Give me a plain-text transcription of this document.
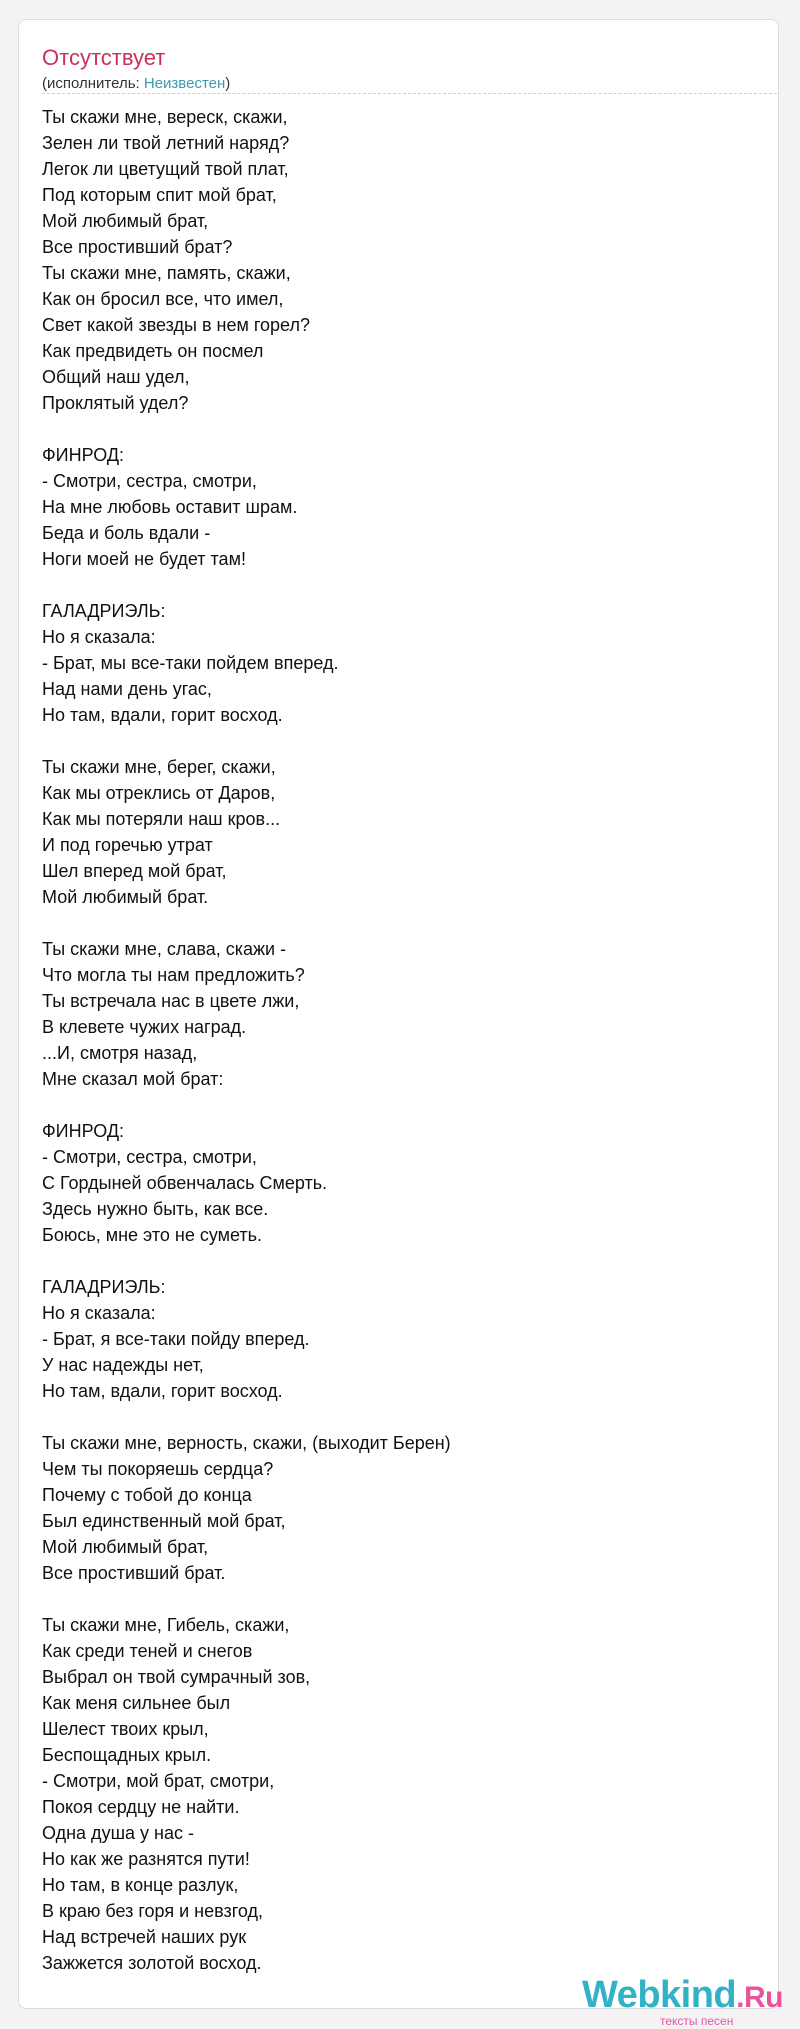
Отсутствует
(исполнитель: Неизвестен)
Ты скажи мне, вереск, скажи,
Зелен ли твой летний наряд?
Легок ли цветущий твой плат,
Под которым спит мой брат,
Мой любимый брат,
Все простивший брат?
Ты скажи мне, память, скажи,
Как он бросил все, что имел,
Свет какой звезды в нем горел?
Как предвидеть он посмел
Общий наш удел,
Проклятый удел?
ФИНРОД:
- Смотри, сестра, смотри,
На мне любовь оставит шрам.
Беда и боль вдали -
Ноги моей не будет там!
ГАЛАДРИЭЛЬ:
Но я сказала:
- Брат, мы все-таки пойдем вперед.
Над нами день угас,
Но там, вдали, горит восход.
Ты скажи мне, берег, скажи,
Как мы отреклись от Даров,
Как мы потеряли наш кров...
И под горечью утрат
Шел вперед мой брат,
Мой любимый брат.
Ты скажи мне, слава, скажи -
Что могла ты нам предложить?
Ты встречала нас в цвете лжи,
В клевете чужих наград.
...И, смотря назад,
Мне сказал мой брат:
ФИНРОД:
- Смотри, сестра, смотри,
С Гордыней обвенчалась Смерть.
Здесь нужно быть, как все.
Боюсь, мне это не суметь.
ГАЛАДРИЭЛЬ:
Но я сказала:
- Брат, я все-таки пойду вперед.
У нас надежды нет,
Но там, вдали, горит восход.
Ты скажи мне, верность, скажи, (выходит Берен)
Чем ты покоряешь сердца?
Почему с тобой до конца
Был единственный мой брат,
Мой любимый брат,
Все простивший брат.
Ты скажи мне, Гибель, скажи,
Как среди теней и снегов
Выбрал он твой сумрачный зов,
Как меня сильнее был
Шелест твоих крыл,
Беспощадных крыл.
- Смотри, мой брат, смотри,
Покоя сердцу не найти.
Одна душа у нас -
Но как же разнятся пути!
Но там, в конце разлук,
В краю без горя и невзгод,
Над встречей наших рук
Зажжется золотой восход.
Webkind.Ru
тексты песен
